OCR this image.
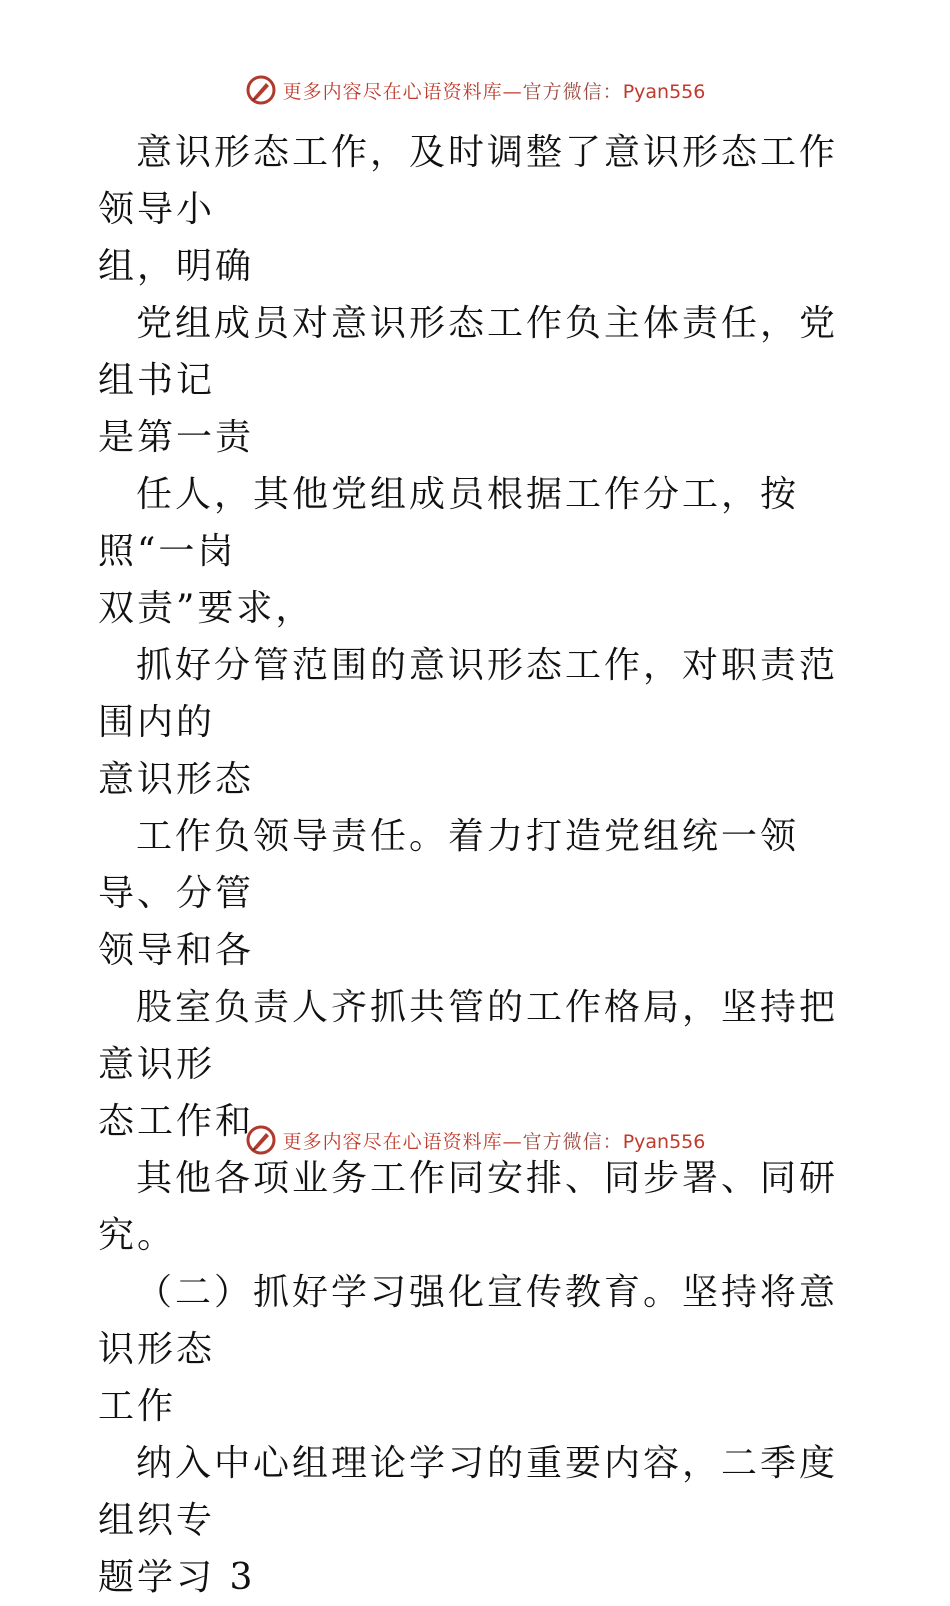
更多内容尽在心语资料库—官方微信：Pyan556

意识形态工作，及时调整了意识形态工作领导小
组，明确

党组成员对意识形态工作负主体责任，党组书记
是第一责

任人，其他党组成员根据工作分工，按照“一岗
双责”要求，

抓好分管范围的意识形态工作，对职责范围内的
意识形态

工作负领导责任。着力打造党组统一领导、分管
领导和各

股室负责人齐抓共管的工作格局，坚持把意识形
态工作和

其他各项业务工作同安排、同步署、同研究。

（二）抓好学习强化宣传教育。坚持将意识形态
工作

纳入中心组理论学习的重要内容，二季度组织专
题学习 3

更多内容尽在心语资料库—官方微信：Pyan556
